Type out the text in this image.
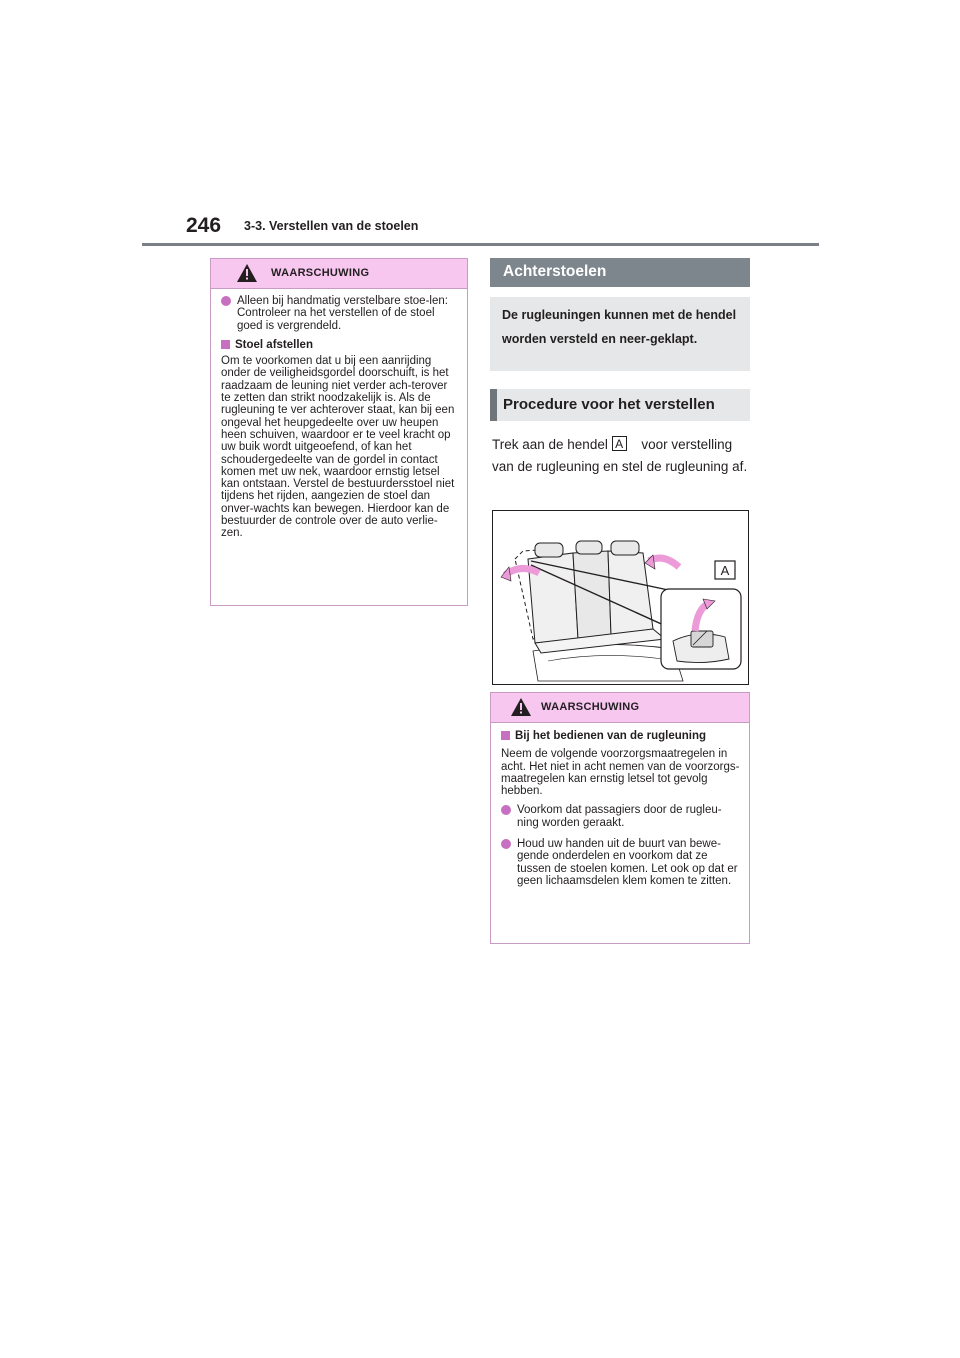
246 3-3. Verstellen van de stoelen
WAARSCHUWING
Alleen bij handmatig verstelbare stoe-len: Controleer na het verstellen of de stoel goed is vergrendeld.
Stoel afstellen
Om te voorkomen dat u bij een aanrijding onder de veiligheidsgordel doorschuift, is het raadzaam de leuning niet verder ach-terover te zetten dan strikt noodzakelijk is. Als de rugleuning te ver achterover staat, kan bij een ongeval het heupgedeelte over uw heupen heen schuiven, waardoor er te veel kracht op uw buik wordt uitgeoefend, of kan het schoudergedeelte van de gordel in contact komen met uw nek, waardoor ernstig letsel kan ontstaan. Verstel de bestuurdersstoel niet tijdens het rijden, aangezien de stoel dan onver-wachts kan bewegen. Hierdoor kan de bestuurder de controle over de auto verlie-zen.
Achterstoelen
De rugleuningen kunnen met de hendel worden versteld en neer-geklapt.
Procedure voor het verstellen
Trek aan de hendel A voor verstelling van de rugleuning en stel de rugleuning af.
A
WAARSCHUWING
Bij het bedienen van de rugleuning
Neem de volgende voorzorgsmaatregelen in acht. Het niet in acht nemen van de voorzorgs-maatregelen kan ernstig letsel tot gevolg hebben.
Voorkom dat passagiers door de rugleu-ning worden geraakt.
Houd uw handen uit de buurt van bewe-gende onderdelen en voorkom dat ze tussen de stoelen komen. Let ook op dat er geen lichaamsdelen klem komen te zitten.
